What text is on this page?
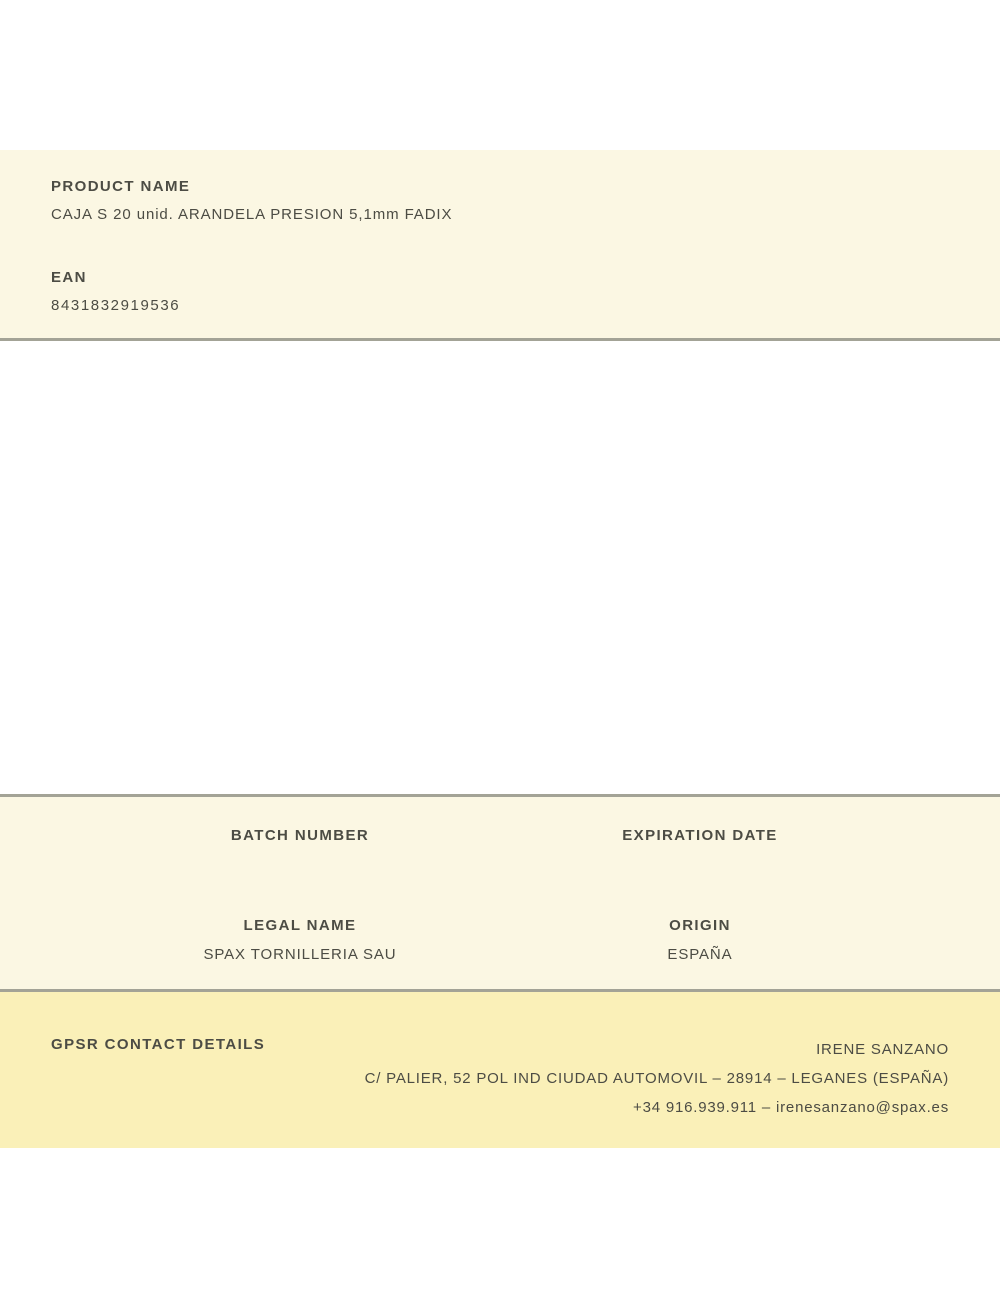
PRODUCT NAME
CAJA S 20 unid. ARANDELA PRESION 5,1mm FADIX
EAN
8431832919536
BATCH NUMBER	EXPIRATION DATE
LEGAL NAME	ORIGIN
SPAX TORNILLERIA SAU	ESPAÑA
GPSR CONTACT DETAILS	IRENE SANZANO
C/ PALIER, 52 POL IND CIUDAD AUTOMOVIL – 28914 – LEGANES (ESPAÑA)
+34 916.939.911 – irenesanzano@spax.es
